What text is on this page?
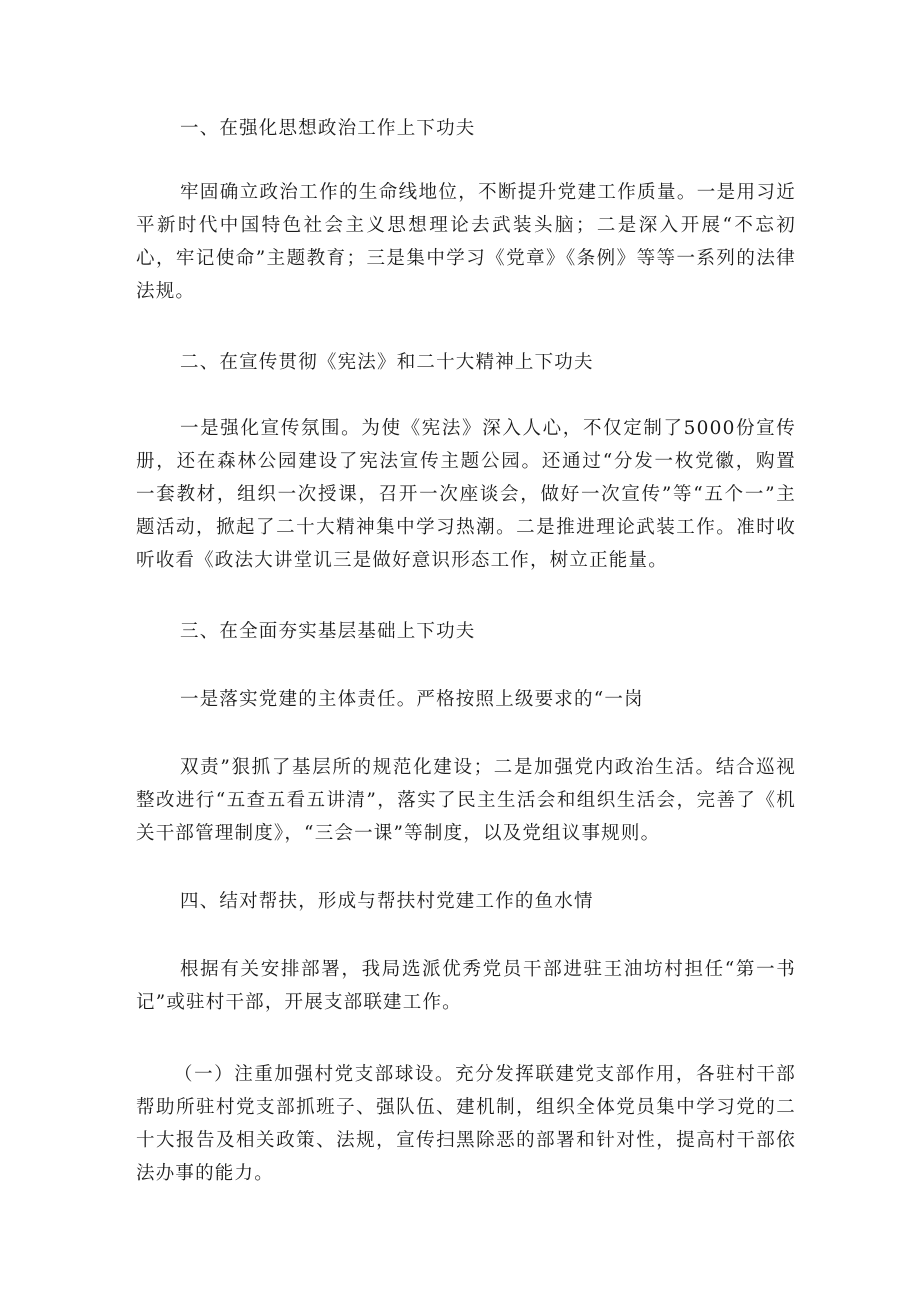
一、在强化思想政治工作上下功夫

牢固确立政治工作的生命线地位，不断提升党建工作质量。一是用习近平新时代中国特色社会主义思想理论去武装头脑；二是深入开展“不忘初心，牢记使命”主题教育；三是集中学习《党章》《条例》等等一系列的法律法规。

二、在宣传贯彻《宪法》和二十大精神上下功夫

一是强化宣传氛围。为使《宪法》深入人心，不仅定制了5000份宣传册，还在森林公园建设了宪法宣传主题公园。还通过“分发一枚党徽，购置一套教材，组织一次授课，召开一次座谈会，做好一次宣传”等“五个一”主题活动，掀起了二十大精神集中学习热潮。二是推进理论武装工作。准时收听收看《政法大讲堂讥三是做好意识形态工作，树立正能量。

三、在全面夯实基层基础上下功夫

一是落实党建的主体责任。严格按照上级要求的“一岗

双责”狠抓了基层所的规范化建设；二是加强党内政治生活。结合巡视整改进行“五查五看五讲清”，落实了民主生活会和组织生活会，完善了《机关干部管理制度》，“三会一课”等制度，以及党组议事规则。

四、结对帮扶，形成与帮扶村党建工作的鱼水情

根据有关安排部署，我局选派优秀党员干部进驻王油坊村担任“第一书记”或驻村干部，开展支部联建工作。

（一）注重加强村党支部球设。充分发挥联建党支部作用，各驻村干部帮助所驻村党支部抓班子、强队伍、建机制，组织全体党员集中学习党的二十大报告及相关政策、法规，宣传扫黑除恶的部署和针对性，提高村干部依法办事的能力。
